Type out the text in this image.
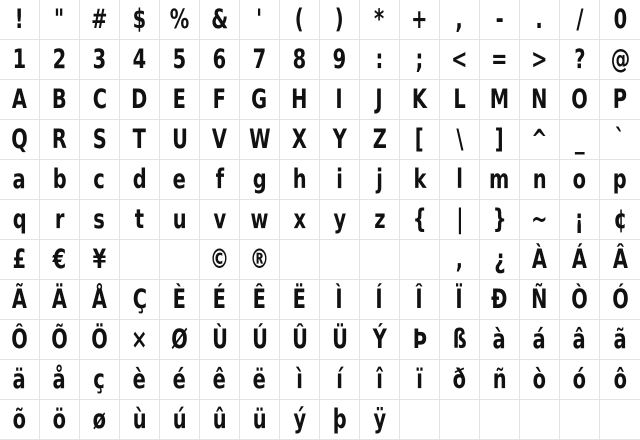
! " # $ % & ' ( ) * + , - . / 0
1 2 3 4 5 6 7 8 9 : ; < = > ? @
A B C D E F G H I J K L M N O P
Q R S T U V W X Y Z [ \ ] ^ _ `
a b c d e f g h i j k l m n o p
q r s t u v w x y z { | } ~ ¡ ¢
£ € ¥

	© ®

	‚ ¿ À Á Â
Ã Ä Å Ç È É Ê Ë Ì Í Î Ï Ð Ñ Ò Ó
Ô Õ Ö × Ø Ù Ú Û Ü Ý Þ ß à á â ã
ä å ç è é ê ë ì í î ï ð ñ ò ó ô
õ ö ø ù ú û ü ý þ ÿ
